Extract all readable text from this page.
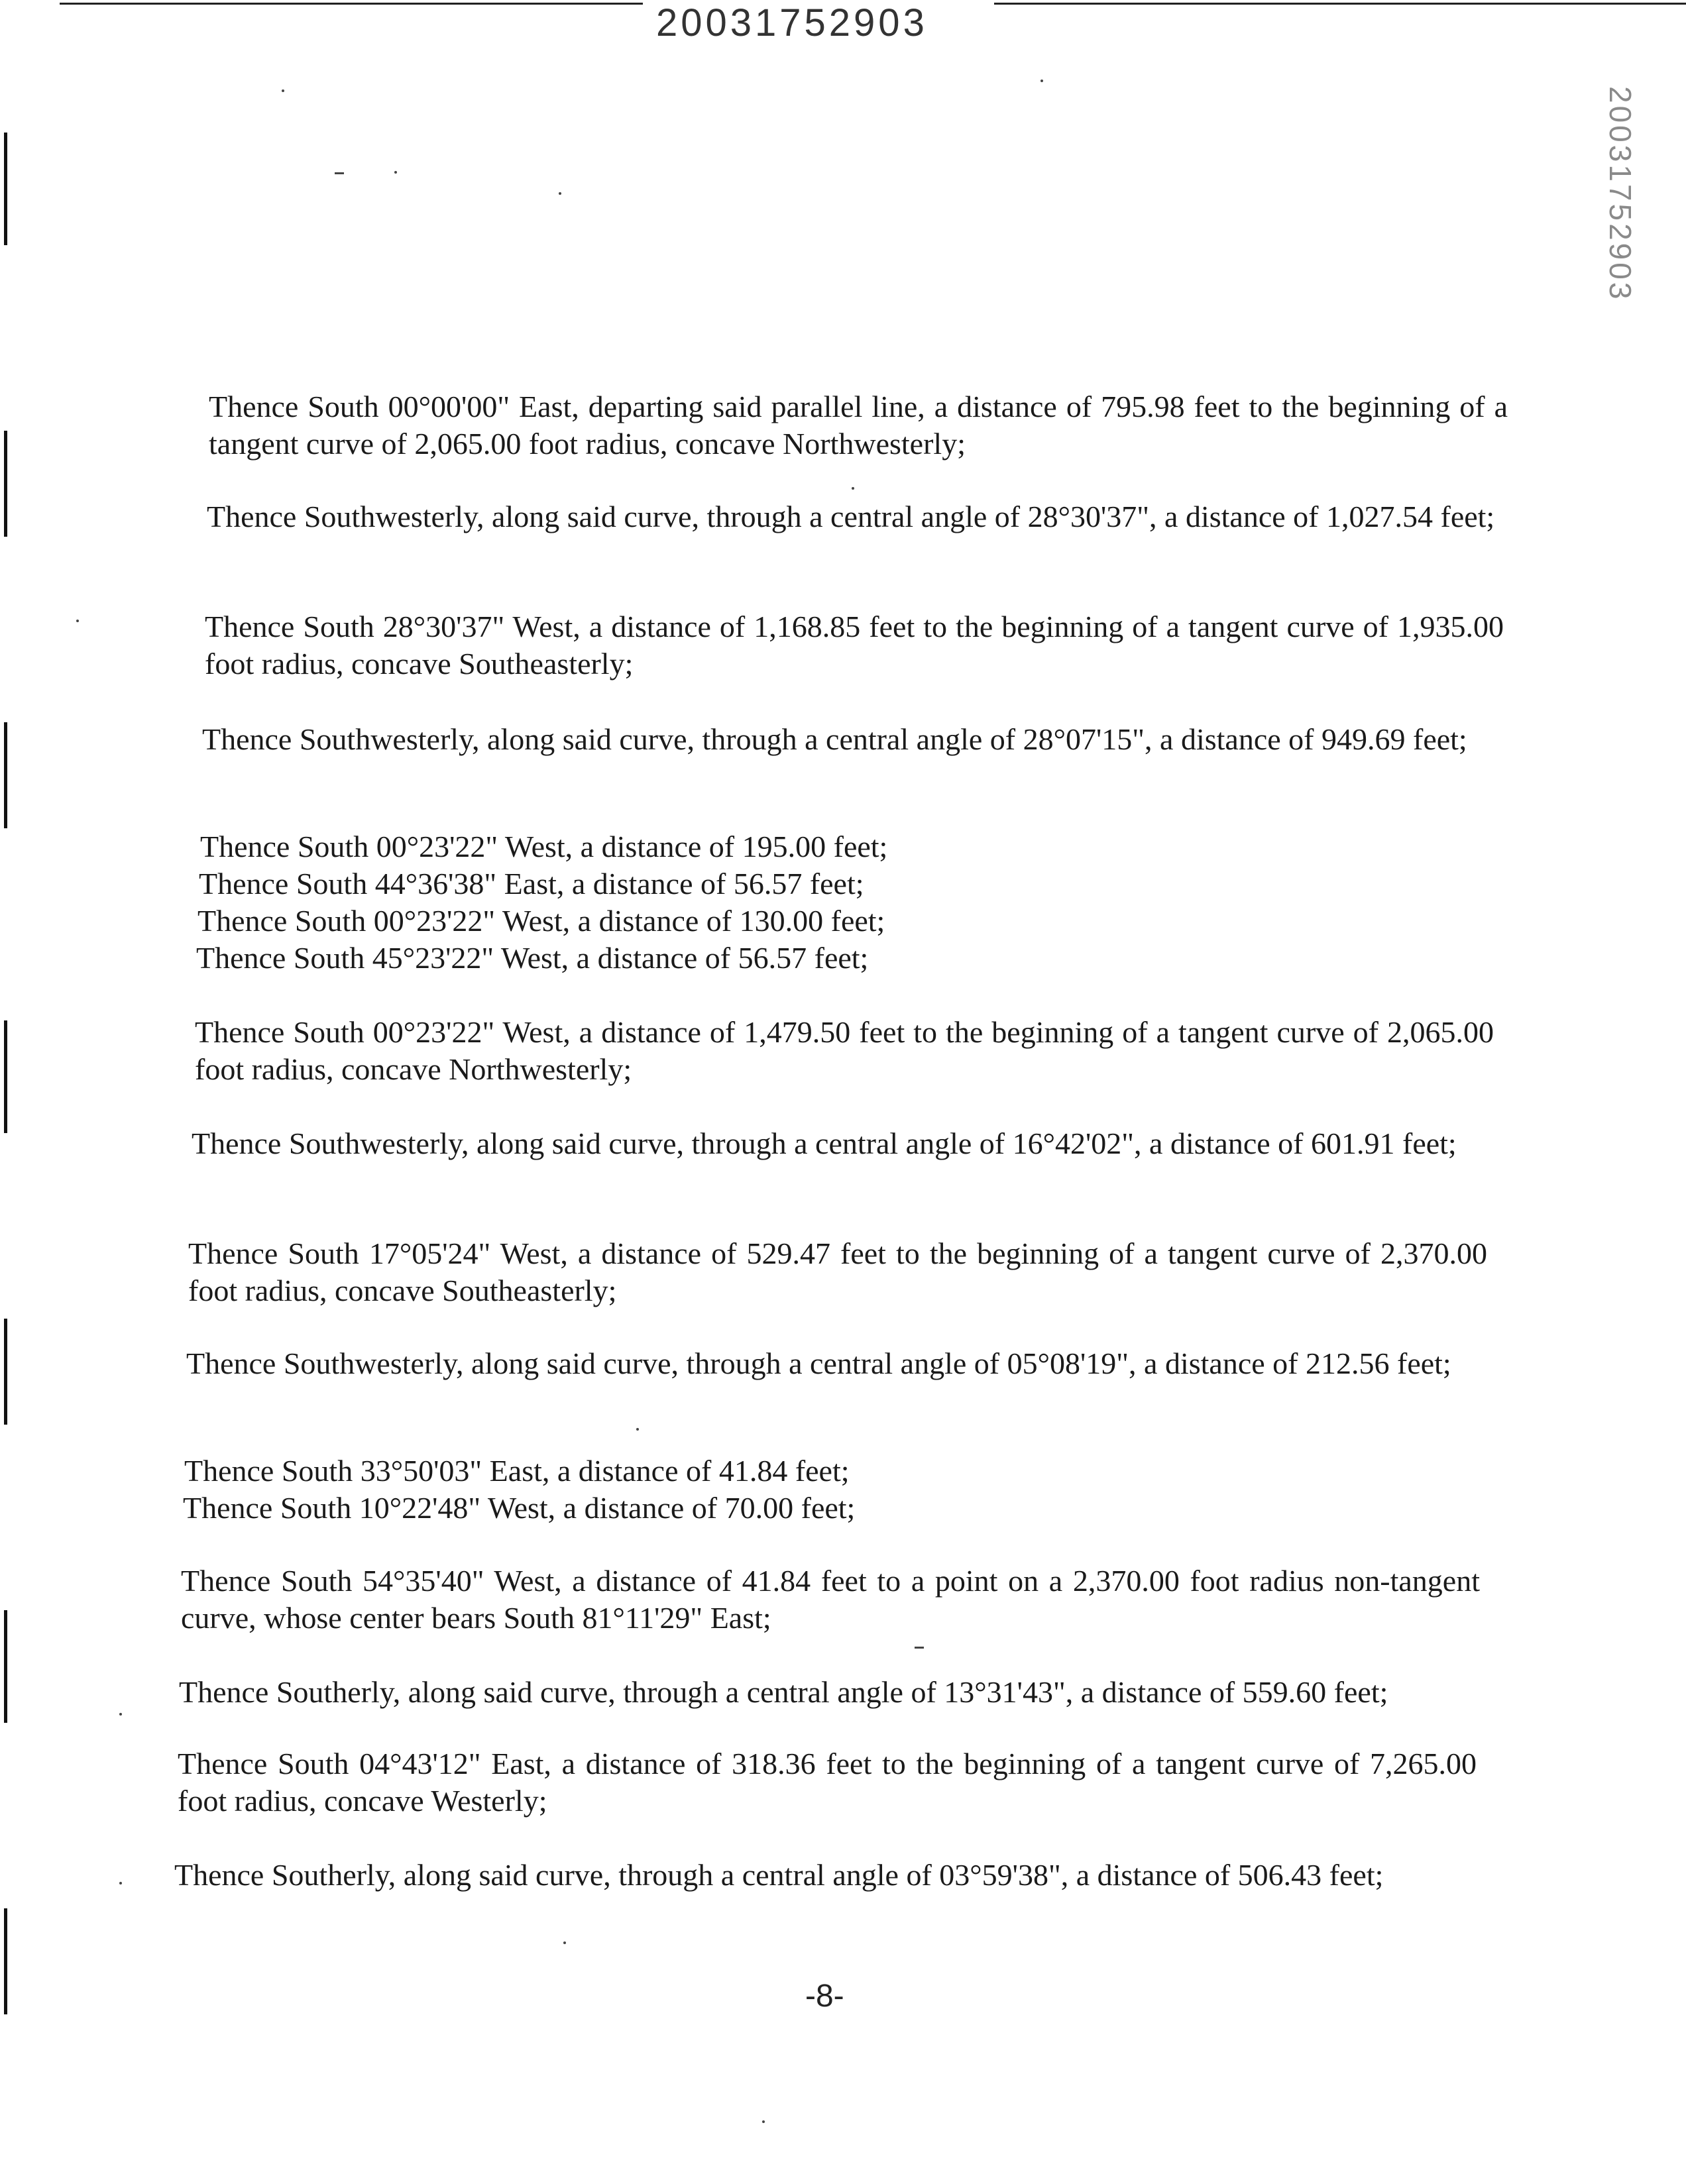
20031752903
20031752903

Thence South 00°00'00" East, departing said parallel line, a distance of 795.98 feet to the beginning of a tangent curve of 2,065.00 foot radius, concave Northwesterly;

Thence Southwesterly, along said curve, through a central angle of 28°30'37", a distance of 1,027.54 feet;

Thence South 28°30'37" West, a distance of 1,168.85 feet to the beginning of a tangent curve of 1,935.00 foot radius, concave Southeasterly;

Thence Southwesterly, along said curve, through a central angle of 28°07'15", a distance of 949.69 feet;

Thence South 00°23'22" West, a distance of 195.00 feet;

Thence South 44°36'38" East, a distance of 56.57 feet;

Thence South 00°23'22" West, a distance of 130.00 feet;

Thence South 45°23'22" West, a distance of 56.57 feet;

Thence South 00°23'22" West, a distance of 1,479.50 feet to the beginning of a tangent curve of 2,065.00 foot radius, concave Northwesterly;

Thence Southwesterly, along said curve, through a central angle of 16°42'02", a distance of 601.91 feet;

Thence South 17°05'24" West, a distance of 529.47 feet to the beginning of a tangent curve of 2,370.00 foot radius, concave Southeasterly;

Thence Southwesterly, along said curve, through a central angle of 05°08'19", a distance of 212.56 feet;

Thence South 33°50'03" East, a distance of 41.84 feet;

Thence South 10°22'48" West, a distance of 70.00 feet;

Thence South 54°35'40" West, a distance of 41.84 feet to a point on a 2,370.00 foot radius non-tangent curve, whose center bears South 81°11'29" East;

Thence Southerly, along said curve, through a central angle of 13°31'43", a distance of 559.60 feet;

Thence South 04°43'12" East, a distance of 318.36 feet to the beginning of a tangent curve of 7,265.00 foot radius, concave Westerly;

Thence Southerly, along said curve, through a central angle of 03°59'38", a distance of 506.43 feet;

-8-
